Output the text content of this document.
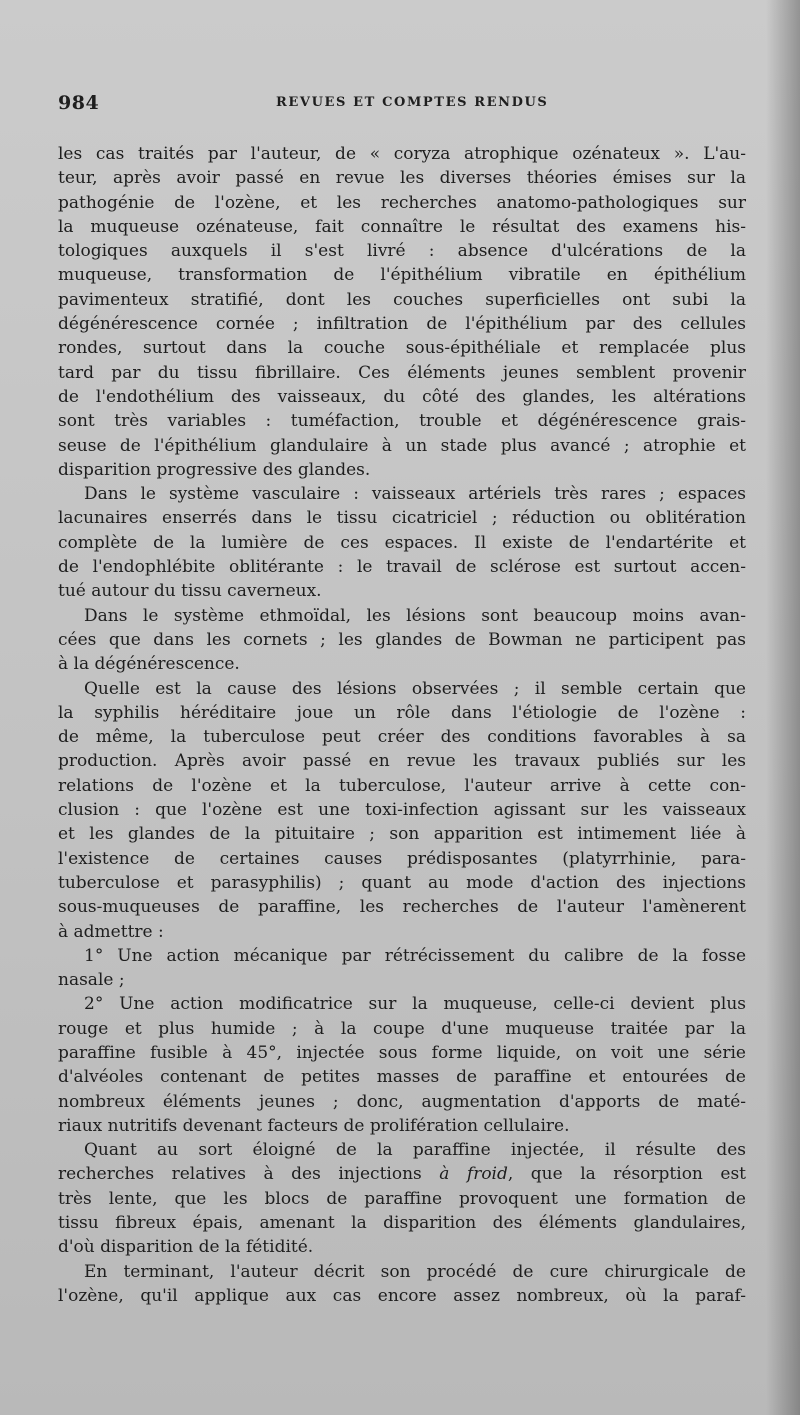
984	REVUES ET COMPTES RENDUS
les cas traités par l'auteur, de « coryza atrophique ozénateux ». L'au-
teur, après avoir passé en revue les diverses théories émises sur la
pathogénie de l'ozène, et les recherches anatomo-pathologiques sur
la muqueuse ozénateuse, fait connaître le résultat des examens his-
tologiques auxquels il s'est livré : absence d'ulcérations de la
muqueuse, transformation de l'épithélium vibratile en épithélium
pavimenteux stratifié, dont les couches superficielles ont subi la
dégénérescence cornée ; infiltration de l'épithélium par des cellules
rondes, surtout dans la couche sous-épithéliale et remplacée plus
tard par du tissu fibrillaire. Ces éléments jeunes semblent provenir
de l'endothélium des vaisseaux, du côté des glandes, les altérations
sont très variables : tuméfaction, trouble et dégénérescence grais-
seuse de l'épithélium glandulaire à un stade plus avancé ; atrophie et
disparition progressive des glandes.
Dans le système vasculaire : vaisseaux artériels très rares ; espaces
lacunaires enserrés dans le tissu cicatriciel ; réduction ou oblitération
complète de la lumière de ces espaces. Il existe de l'endartérite et
de l'endophlébite oblitérante : le travail de sclérose est surtout accen-
tué autour du tissu caverneux.
Dans le système ethmoïdal, les lésions sont beaucoup moins avan-
cées que dans les cornets ; les glandes de Bowman ne participent pas
à la dégénérescence.
Quelle est la cause des lésions observées ; il semble certain que
la syphilis héréditaire joue un rôle dans l'étiologie de l'ozène :
de même, la tuberculose peut créer des conditions favorables à sa
production. Après avoir passé en revue les travaux publiés sur les
relations de l'ozène et la tuberculose, l'auteur arrive à cette con-
clusion : que l'ozène est une toxi-infection agissant sur les vaisseaux
et les glandes de la pituitaire ; son apparition est intimement liée à
l'existence de certaines causes prédisposantes (platyrrhinie, para-
tuberculose et parasyphilis) ; quant au mode d'action des injections
sous-muqueuses de paraffine, les recherches de l'auteur l'amènerent
à admettre :
1° Une action mécanique par rétrécissement du calibre de la fosse
nasale ;
2° Une action modificatrice sur la muqueuse, celle-ci devient plus
rouge et plus humide ; à la coupe d'une muqueuse traitée par la
paraffine fusible à 45°, injectée sous forme liquide, on voit une série
d'alvéoles contenant de petites masses de paraffine et entourées de
nombreux éléments jeunes ; donc, augmentation d'apports de maté-
riaux nutritifs devenant facteurs de prolifération cellulaire.
Quant au sort éloigné de la paraffine injectée, il résulte des
recherches relatives à des injections à froid, que la résorption est
très lente, que les blocs de paraffine provoquent une formation de
tissu fibreux épais, amenant la disparition des éléments glandulaires,
d'où disparition de la fétidité.
En terminant, l'auteur décrit son procédé de cure chirurgicale de
l'ozène, qu'il applique aux cas encore assez nombreux, où la paraf-
